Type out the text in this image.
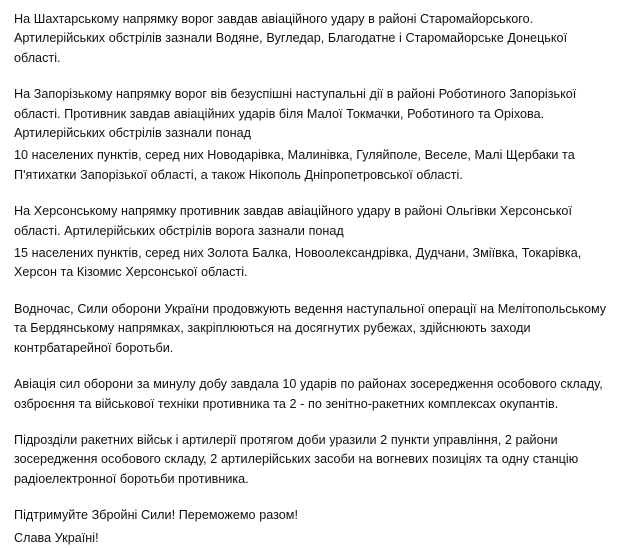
На Шахтарському напрямку ворог завдав авіаційного удару в районі Старомайорського. Артилерійських обстрілів зазнали Водяне, Вугледар, Благодатне і Старомайорське Донецької області.

На Запорізькому напрямку ворог вів безуспішні наступальні дії в районі Роботиного Запорізької області. Противник завдав авіаційних ударів біля Малої Токмачки, Роботиного та Оріхова. Артилерійських обстрілів зазнали понад

10 населених пунктів, серед них Новодарівка, Малинівка, Гуляйполе, Веселе, Малі Щербаки та П'ятихатки Запорізької області, а також Нікополь Дніпропетровської області.

На Херсонському напрямку противник завдав авіаційного удару в районі Ольгівки Херсонської області. Артилерійських обстрілів ворога зазнали понад

15 населених пунктів, серед них Золота Балка, Новоолександрівка, Дудчани, Змiївка, Токарівка, Херсон та Кізомис Херсонської області.

Водночас, Сили оборони України продовжують ведення наступальної операції на Мелітопольському та Бердянському напрямках, закріплюються на досягнутих рубежах, здійснюють заходи контрбатарейної боротьби.

Авіація сил оборони за минулу добу завдала 10 ударів по районах зосередження особового складу, озброєння та військової техніки противника та 2 - по зенітно-ракетних комплексах окупантів.

Підрозділи ракетних військ і артилерії протягом доби уразили 2 пункти управління, 2 райони зосередження особового складу, 2 артилерійських засоби на вогневих позиціях та одну станцію радіоелектронної боротьби противника.

Підтримуйте Збройні Сили! Переможемо разом!

Слава Україні!
